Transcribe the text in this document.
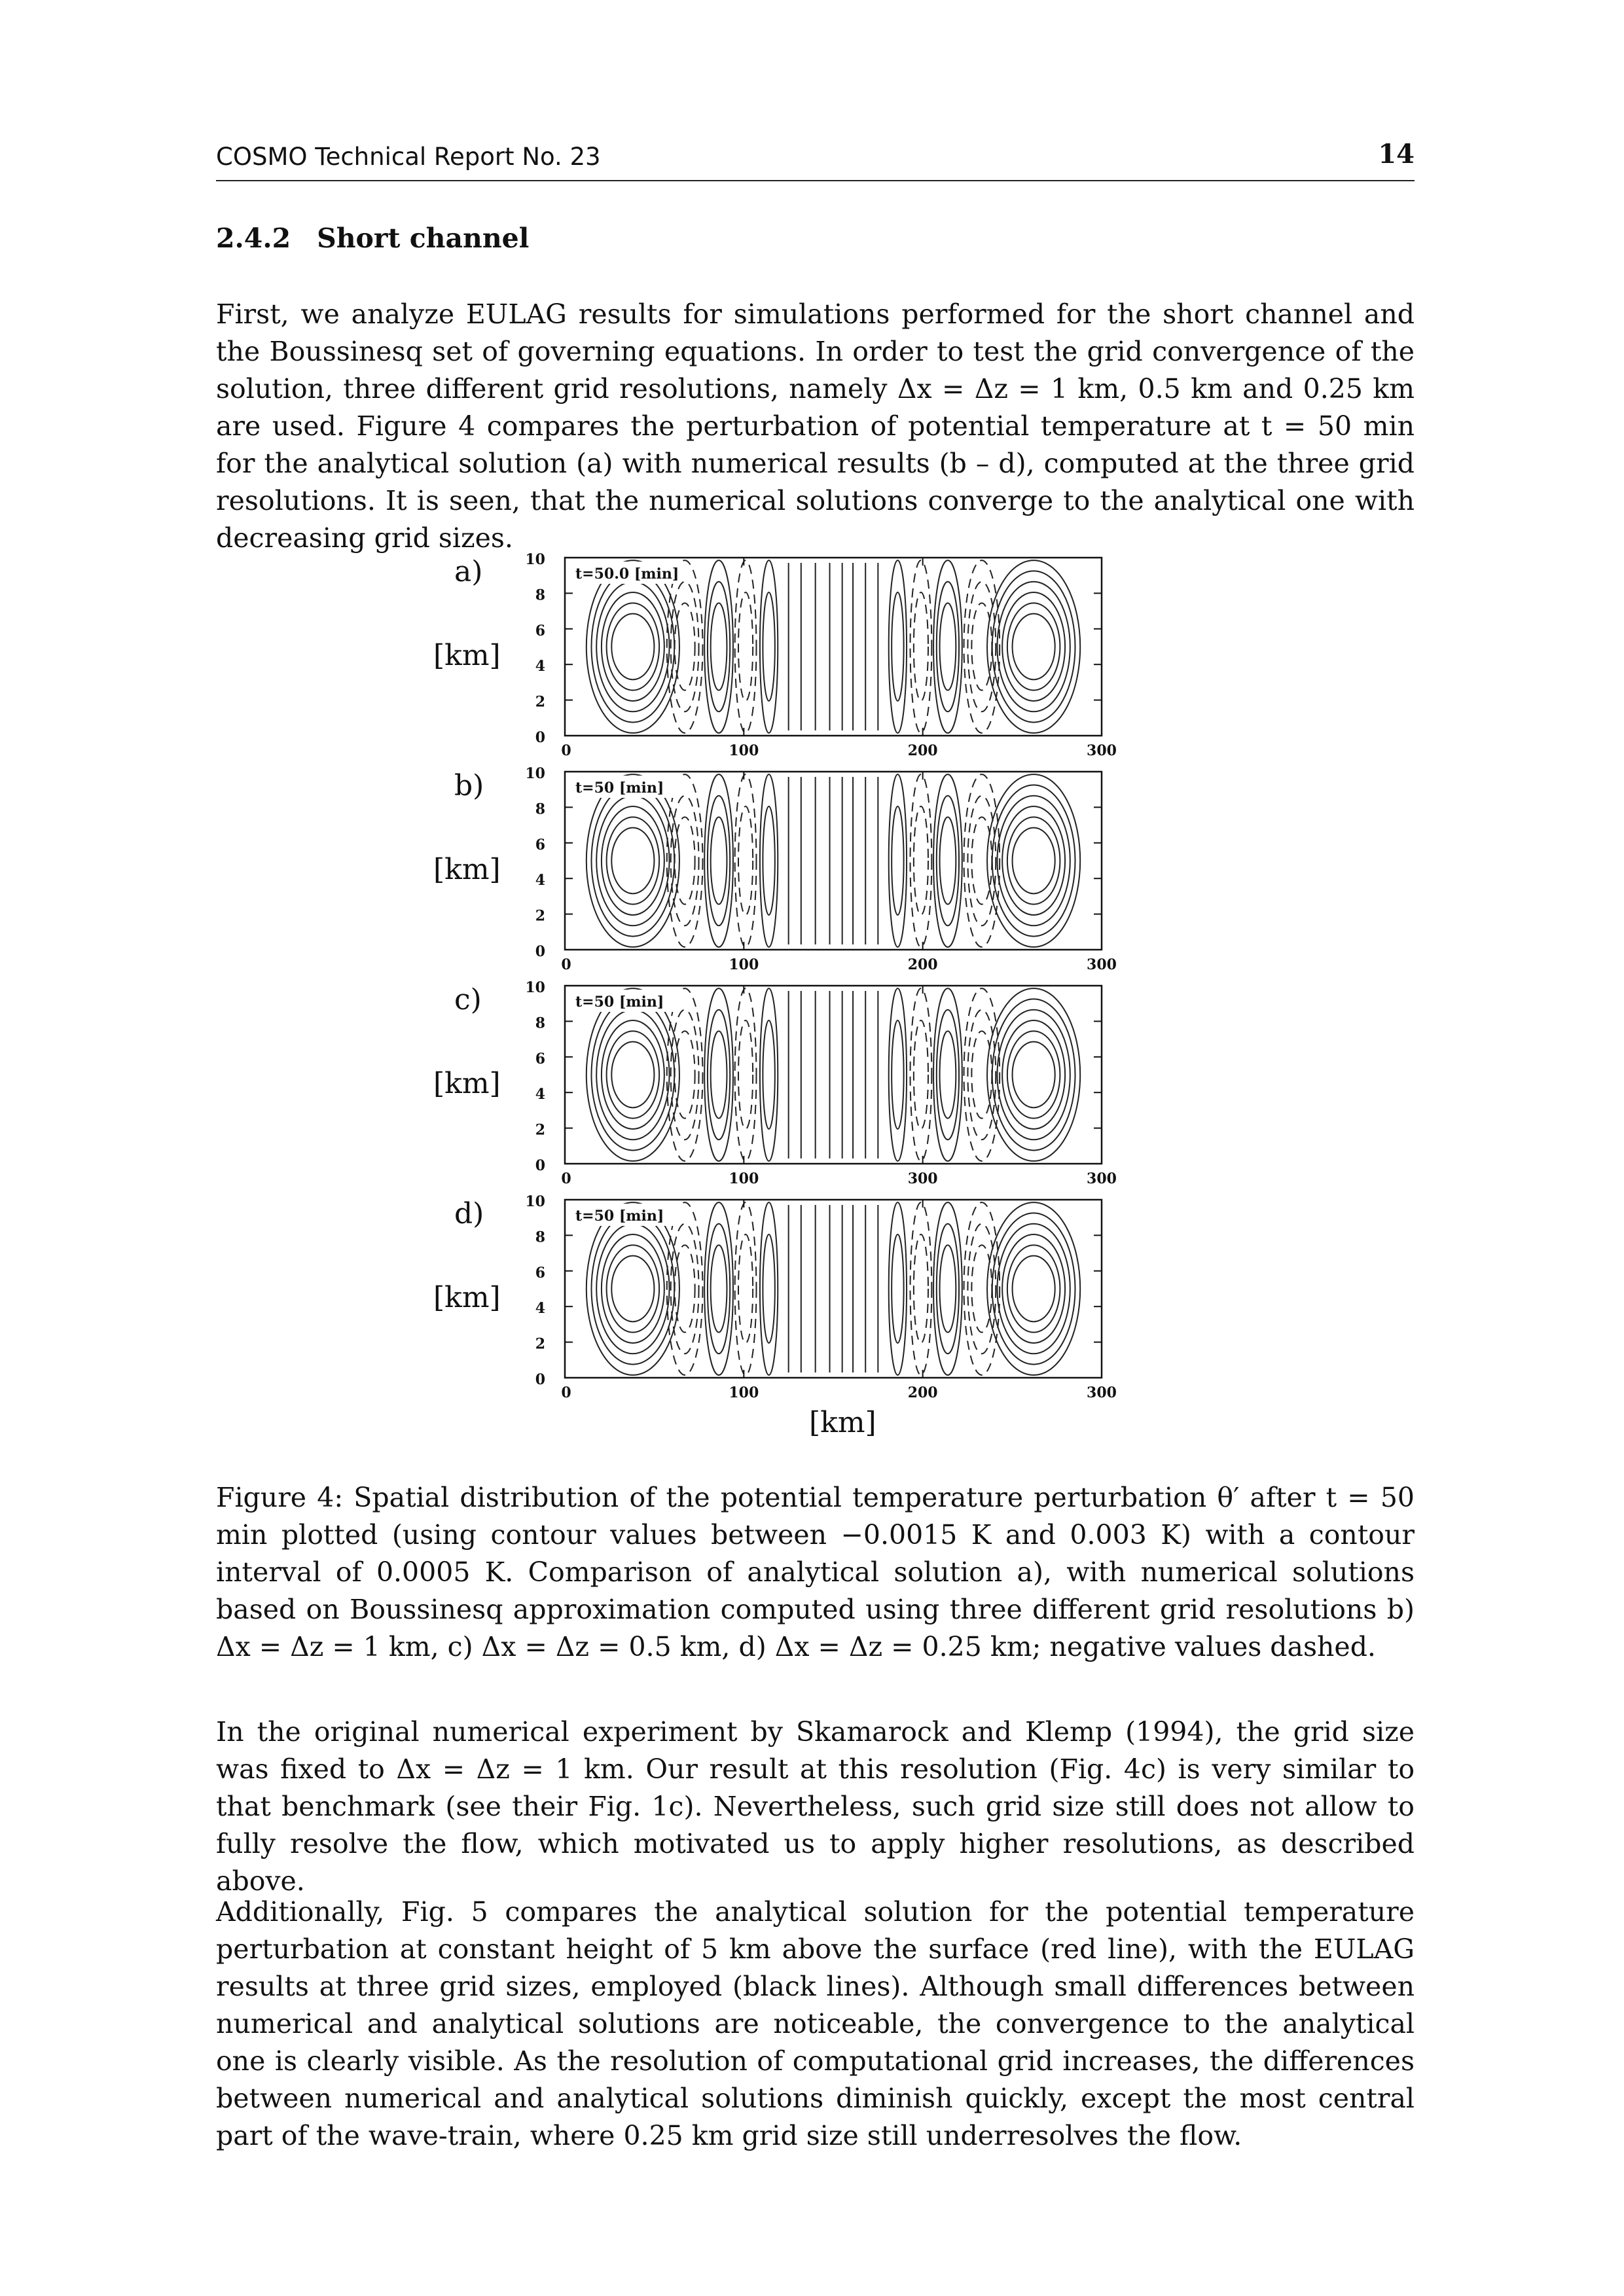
COSMO Technical Report No. 23	14
2.4.2 Short channel
First, we analyze EULAG results for simulations performed for the short channel and the Boussinesq set of governing equations. In order to test the grid convergence of the solution, three different grid resolutions, namely Δx = Δz = 1 km, 0.5 km and 0.25 km are used. Figure 4 compares the perturbation of potential temperature at t = 50 min for the analytical solution (a) with numerical results (b – d), computed at the three grid resolutions. It is seen, that the numerical solutions converge to the analytical one with decreasing grid sizes.
a)
[km]
b)
[km]
c)
[km]
d)
[km]
0
2
4
6
8
10
0	100	200	300
t=50.0 [min]
0
2
4
6
8
10
0	100	200	300
t=50 [min]
0
2
4
6
8
10
0	100	300	300
t=50 [min]
0
2
4
6
8
10
0	100	200	300
t=50 [min]
[km]
Figure 4: Spatial distribution of the potential temperature perturbation θ′ after t = 50 min plotted (using contour values between −0.0015 K and 0.003 K) with a contour interval of 0.0005 K. Comparison of analytical solution a), with numerical solutions based on Boussinesq approximation computed using three different grid resolutions b) Δx = Δz = 1 km, c) Δx = Δz = 0.5 km, d) Δx = Δz = 0.25 km; negative values dashed.
In the original numerical experiment by Skamarock and Klemp (1994), the grid size was fixed to Δx = Δz = 1 km. Our result at this resolution (Fig. 4c) is very similar to that benchmark (see their Fig. 1c). Nevertheless, such grid size still does not allow to fully resolve the flow, which motivated us to apply higher resolutions, as described above.
Additionally, Fig. 5 compares the analytical solution for the potential temperature perturbation at constant height of 5 km above the surface (red line), with the EULAG results at three grid sizes, employed (black lines). Although small differences between numerical and analytical solutions are noticeable, the convergence to the analytical one is clearly visible. As the resolution of computational grid increases, the differences between numerical and analytical solutions diminish quickly, except the most central part of the wave-train, where 0.25 km grid size still underresolves the flow.
